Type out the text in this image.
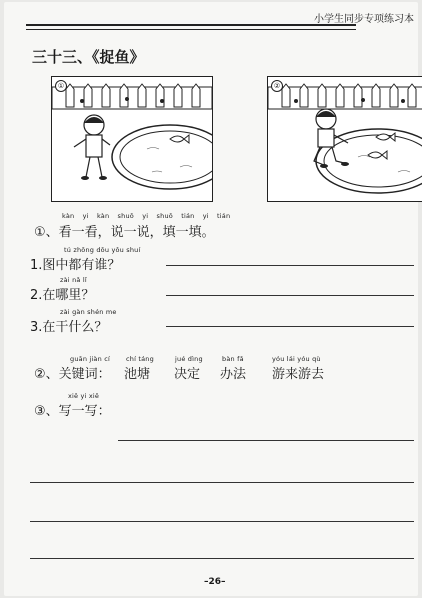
小学生同步专项练习本
三十三、《捉鱼》
①	②
kàn yi kàn shuō yi shuō tián yi tián
①、看一看，说一说，填一填。
tú zhōng dōu yǒu shuí
1.图中都有谁？
zài nǎ lǐ
2.在哪里？
zài gàn shén me
3.在干什么？
guān jiàn cí
②、关键词：
chí táng
池塘
jué dìng
决定
bàn fǎ
办法
yóu lái yóu qù
游来游去
xiě yi xiě
③、写一写：
–26–
